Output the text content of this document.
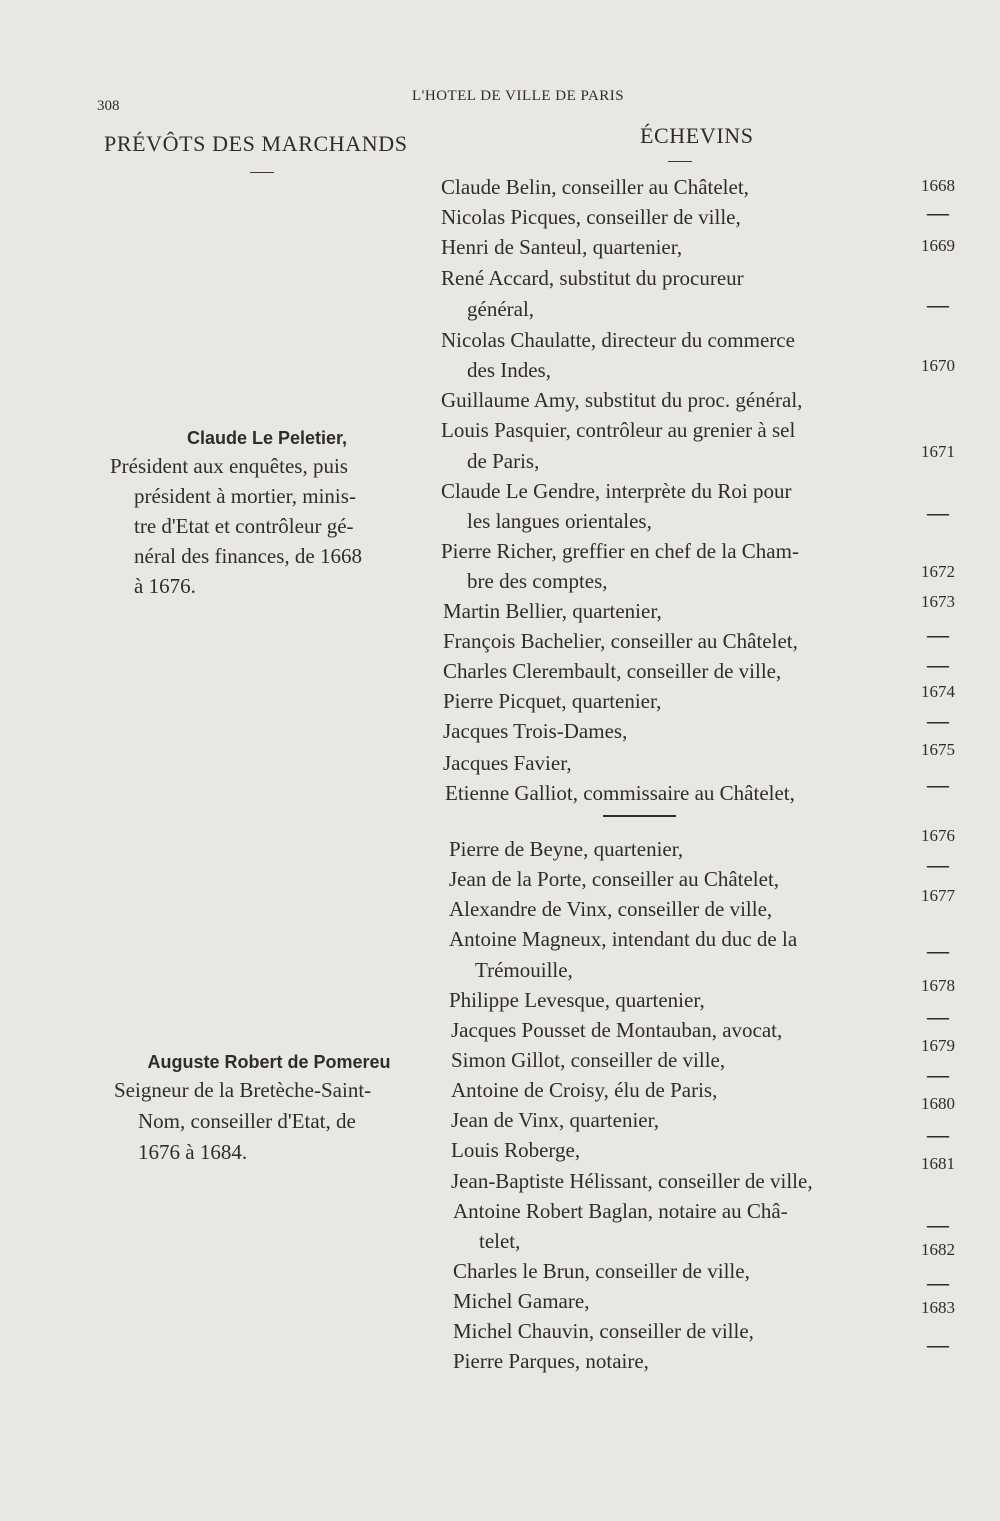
308
L'HOTEL DE VILLE DE PARIS
PRÉVÔTS DES MARCHANDS	ÉCHEVINS
Claude Le Peletier,
Président aux enquêtes, puis
président à mortier, minis-
tre d'Etat et contrôleur gé-
néral des finances, de 1668
à 1676.
Auguste Robert de Pomereu
Seigneur de la Bretèche-Saint-
Nom, conseiller d'Etat, de
1676 à 1684.
Claude Belin, conseiller au Châtelet,
Nicolas Picques, conseiller de ville,
Henri de Santeul, quartenier,
René Accard, substitut du procureur
général,
Nicolas Chaulatte, directeur du commerce
des Indes,
Guillaume Amy, substitut du proc. général,
Louis Pasquier, contrôleur au grenier à sel
de Paris,
Claude Le Gendre, interprète du Roi pour
les langues orientales,
Pierre Richer, greffier en chef de la Cham-
bre des comptes,
Martin Bellier, quartenier,
François Bachelier, conseiller au Châtelet,
Charles Clerembault, conseiller de ville,
Pierre Picquet, quartenier,
Jacques Trois-Dames,
Jacques Favier,
Etienne Galliot, commissaire au Châtelet,
1668
—
1669
—
1670
1671
—
1672
1673
—
—
1674
—
1675
—
Pierre de Beyne, quartenier,
Jean de la Porte, conseiller au Châtelet,
Alexandre de Vinx, conseiller de ville,
Antoine Magneux, intendant du duc de la
Trémouille,
Philippe Levesque, quartenier,
Jacques Pousset de Montauban, avocat,
Simon Gillot, conseiller de ville,
Antoine de Croisy, élu de Paris,
Jean de Vinx, quartenier,
Louis Roberge,
Jean-Baptiste Hélissant, conseiller de ville,
Antoine Robert Baglan, notaire au Châ-
telet,
Charles le Brun, conseiller de ville,
Michel Gamare,
Michel Chauvin, conseiller de ville,
Pierre Parques, notaire,
1676
—
1677
—
1678
—
1679
—
1680
—
1681
—
1682
—
1683
—
